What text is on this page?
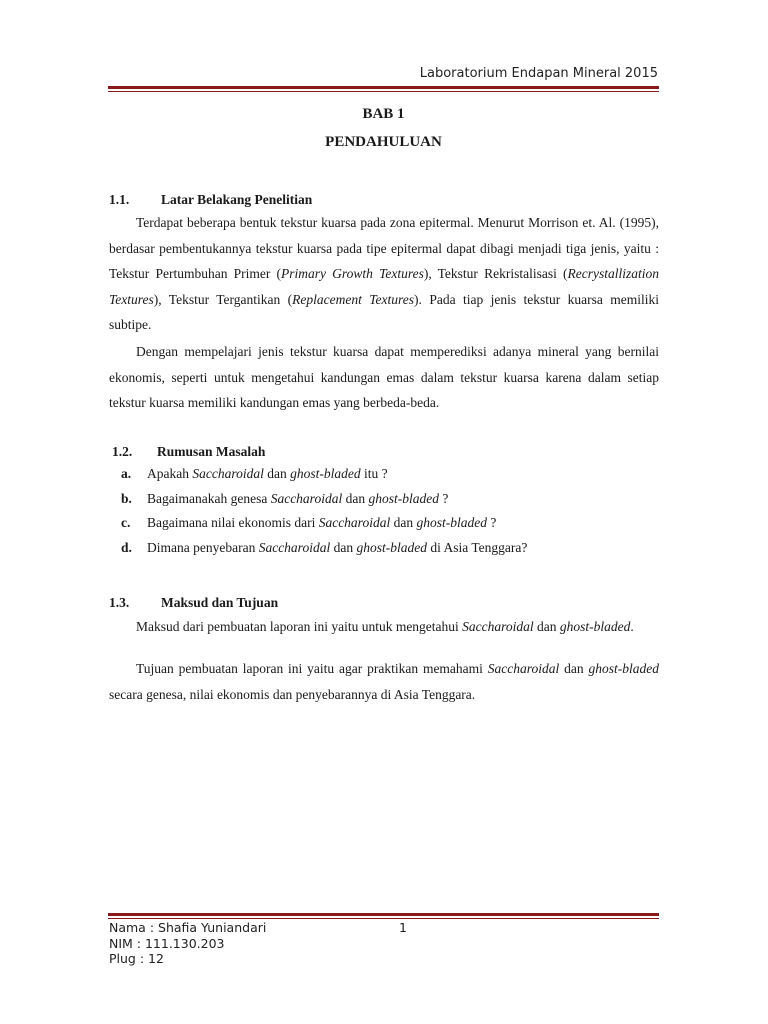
Laboratorium Endapan Mineral 2015
BAB 1
PENDAHULUAN
1.1. Latar Belakang Penelitian

Terdapat beberapa bentuk tekstur kuarsa pada zona epitermal. Menurut Morrison et. Al. (1995), berdasar pembentukannya tekstur kuarsa pada tipe epitermal dapat dibagi menjadi tiga jenis, yaitu : Tekstur Pertumbuhan Primer (Primary Growth Textures), Tekstur Rekristalisasi (Recrystallization Textures), Tekstur Tergantikan (Replacement Textures). Pada tiap jenis tekstur kuarsa memiliki subtipe.

Dengan mempelajari jenis tekstur kuarsa dapat memperediksi adanya mineral yang bernilai ekonomis, seperti untuk mengetahui kandungan emas dalam tekstur kuarsa karena dalam setiap tekstur kuarsa memiliki kandungan emas yang berbeda-beda.

1.2. Rumusan Masalah
a. Apakah Saccharoidal dan ghost-bladed itu ?
b. Bagaimanakah genesa Saccharoidal dan ghost-bladed ?
c. Bagaimana nilai ekonomis dari Saccharoidal dan ghost-bladed ?
d. Dimana penyebaran Saccharoidal dan ghost-bladed di Asia Tenggara?
1.3. Maksud dan Tujuan

Maksud dari pembuatan laporan ini yaitu untuk mengetahui Saccharoidal dan ghost-bladed.

Tujuan pembuatan laporan ini yaitu agar praktikan memahami Saccharoidal dan ghost-bladed secara genesa, nilai ekonomis dan penyebarannya di Asia Tenggara.

Nama : Shafia Yuniandari
NIM : 111.130.203
Plug : 12
1
